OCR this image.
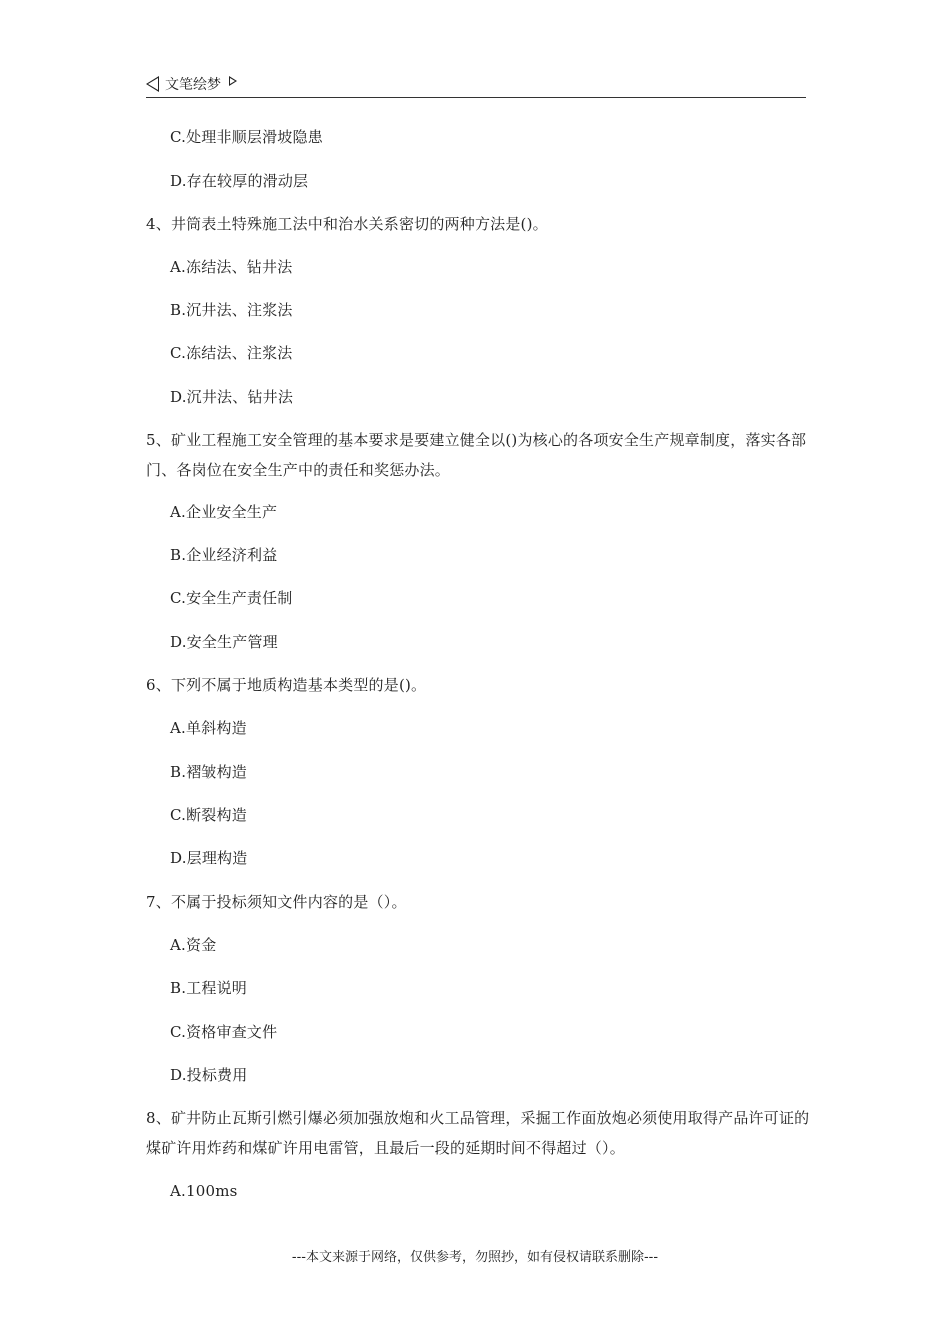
文笔绘梦
C.处理非顺层滑坡隐患
D.存在较厚的滑动层
4、井筒表土特殊施工法中和治水关系密切的两种方法是()。
A.冻结法、钻井法
B.沉井法、注浆法
C.冻结法、注浆法
D.沉井法、钻井法
5、矿业工程施工安全管理的基本要求是要建立健全以()为核心的各项安全生产规章制度，落实各部门、各岗位在安全生产中的责任和奖惩办法。
A.企业安全生产
B.企业经济利益
C.安全生产责任制
D.安全生产管理
6、下列不属于地质构造基本类型的是()。
A.单斜构造
B.褶皱构造
C.断裂构造
D.层理构造
7、不属于投标须知文件内容的是（）。
A.资金
B.工程说明
C.资格审查文件
D.投标费用
8、矿井防止瓦斯引燃引爆必须加强放炮和火工品管理，采掘工作面放炮必须使用取得产品许可证的煤矿许用炸药和煤矿许用电雷管，且最后一段的延期时间不得超过（）。
A.100ms
---本文来源于网络，仅供参考，勿照抄，如有侵权请联系删除---
